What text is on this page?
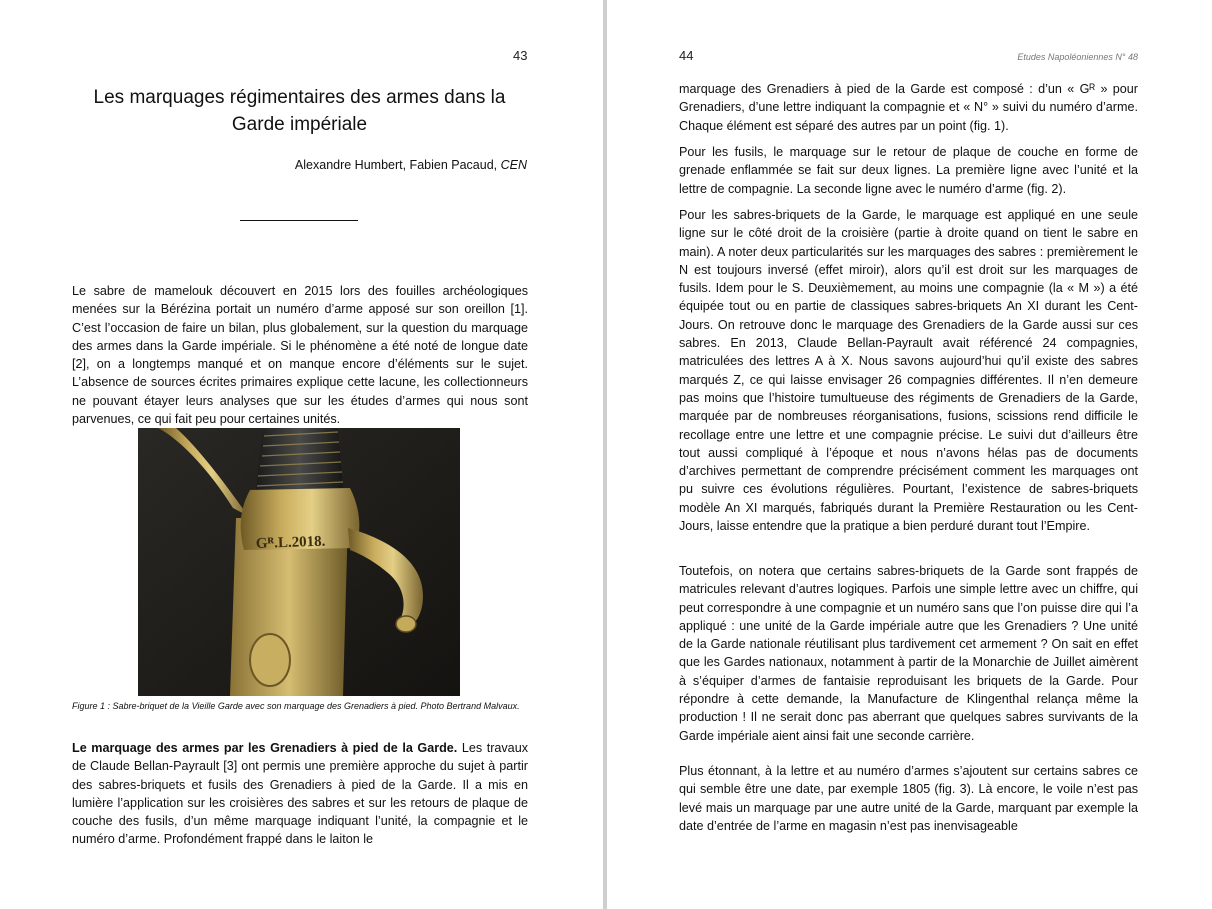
43
Les marquages régimentaires des armes dans la Garde impériale
Alexandre Humbert, Fabien Pacaud, CEN

Le sabre de mamelouk découvert en 2015 lors des fouilles archéologiques menées sur la Bérézina portait un numéro d’arme apposé sur son oreillon [1]. C’est l’occasion de faire un bilan, plus globalement, sur la question du marquage des armes dans la Garde impériale. Si le phénomène a été noté de longue date [2], on a longtemps manqué et on manque encore d’éléments sur le sujet. L’absence de sources écrites primaires explique cette lacune, les collectionneurs ne pouvant étayer leurs analyses que sur les études d’armes qui nous sont parvenues, ce qui fait peu pour certaines unités.

Gᴿ.L.2018.

Figure 1 : Sabre-briquet de la Vieille Garde avec son marquage des Grenadiers à pied. Photo Bertrand Malvaux.

Le marquage des armes par les Grenadiers à pied de la Garde. Les travaux de Claude Bellan-Payrault [3] ont permis une première approche du sujet à partir des sabres-briquets et fusils des Grenadiers à pied de la Garde. Il a mis en lumière l’application sur les croisières des sabres et sur les retours de plaque de couche des fusils, d’un même marquage indiquant l’unité, la compagnie et le numéro d’arme. Profondément frappé dans le laiton le

44	Etudes Napoléoniennes N° 48

marquage des Grenadiers à pied de la Garde est composé : d’un « Gᴿ » pour Grenadiers, d’une lettre indiquant la compagnie et « N° » suivi du numéro d’arme. Chaque élément est séparé des autres par un point (fig. 1).

Pour les fusils, le marquage sur le retour de plaque de couche en forme de grenade enflammée se fait sur deux lignes. La première ligne avec l’unité et la lettre de compagnie. La seconde ligne avec le numéro d’arme (fig. 2).

Pour les sabres-briquets de la Garde, le marquage est appliqué en une seule ligne sur le côté droit de la croisière (partie à droite quand on tient le sabre en main). A noter deux particularités sur les marquages des sabres : premièrement le N est toujours inversé (effet miroir), alors qu’il est droit sur les marquages de fusils. Idem pour le S. Deuxièmement, au moins une compagnie (la « M ») a été équipée tout ou en partie de classiques sabres-briquets An XI durant les Cent-Jours. On retrouve donc le marquage des Grenadiers de la Garde aussi sur ces sabres. En 2013, Claude Bellan-Payrault avait référencé 24 compagnies, matriculées des lettres A à X. Nous savons aujourd’hui qu’il existe des sabres marqués Z, ce qui laisse envisager 26 compagnies différentes. Il n’en demeure pas moins que l’histoire tumultueuse des régiments de Grenadiers de la Garde, marquée par de nombreuses réorganisations, fusions, scissions rend difficile le recollage entre une lettre et une compagnie précise. Le suivi dut d’ailleurs être tout aussi compliqué à l’époque et nous n’avons hélas pas de documents d’archives permettant de comprendre précisément comment les marquages ont pu suivre ces évolutions régulières. Pourtant, l’existence de sabres-briquets modèle An XI marqués, fabriqués durant la Première Restauration ou les Cent-Jours, laisse entendre que la pratique a bien perduré durant tout l’Empire.

Toutefois, on notera que certains sabres-briquets de la Garde sont frappés de matricules relevant d’autres logiques. Parfois une simple lettre avec un chiffre, qui peut correspondre à une compagnie et un numéro sans que l’on puisse dire qui l’a appliqué : une unité de la Garde impériale autre que les Grenadiers ? Une unité de la Garde nationale réutilisant plus tardivement cet armement ? On sait en effet que les Gardes nationaux, notamment à partir de la Monarchie de Juillet aimèrent à s’équiper d’armes de fantaisie reproduisant les briquets de la Garde. Pour répondre à cette demande, la Manufacture de Klingenthal relança même la production ! Il ne serait donc pas aberrant que quelques sabres survivants de la Garde impériale aient ainsi fait une seconde carrière.

Plus étonnant, à la lettre et au numéro d’armes s’ajoutent sur certains sabres ce qui semble être une date, par exemple 1805 (fig. 3). Là encore, le voile n’est pas levé mais un marquage par une autre unité de la Garde, marquant par exemple la date d’entrée de l’arme en magasin n’est pas inenvisageable
